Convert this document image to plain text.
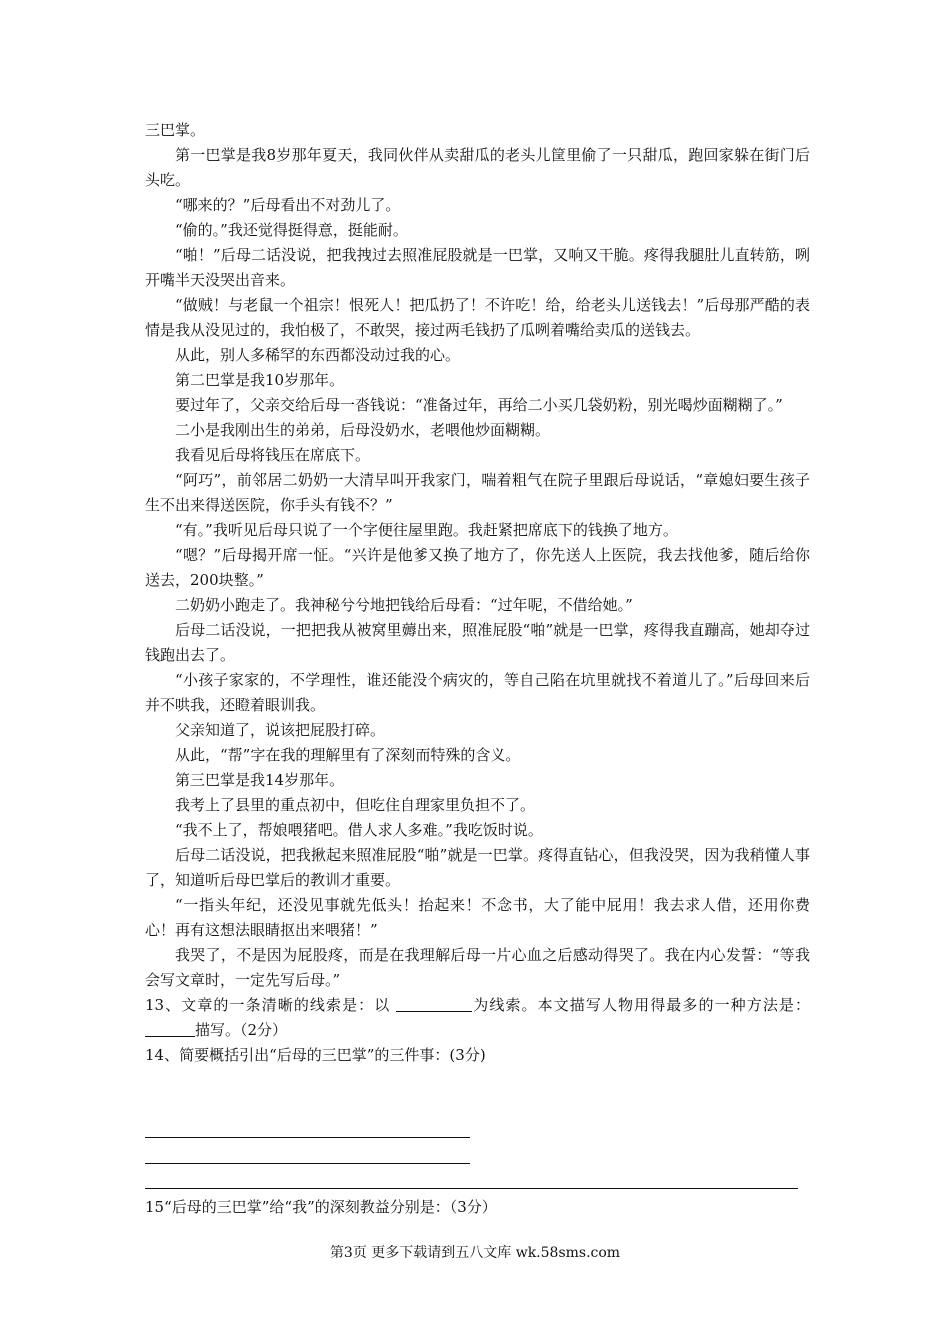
三巴掌。

第一巴掌是我8岁那年夏天，我同伙伴从卖甜瓜的老头儿筐里偷了一只甜瓜，跑回家躲在街门后头吃。

“哪来的？”后母看出不对劲儿了。

“偷的。”我还觉得挺得意，挺能耐。

“啪！”后母二话没说，把我拽过去照准屁股就是一巴掌，又响又干脆。疼得我腿肚儿直转筋，咧开嘴半天没哭出音来。

“做贼！与老鼠一个祖宗！恨死人！把瓜扔了！不许吃！给，给老头儿送钱去！”后母那严酷的表情是我从没见过的，我怕极了，不敢哭，接过两毛钱扔了瓜咧着嘴给卖瓜的送钱去。

从此，别人多稀罕的东西都没动过我的心。

第二巴掌是我10岁那年。

要过年了，父亲交给后母一沓钱说：“准备过年，再给二小买几袋奶粉，别光喝炒面糊糊了。”

二小是我刚出生的弟弟，后母没奶水，老喂他炒面糊糊。

我看见后母将钱压在席底下。

“阿巧”，前邻居二奶奶一大清早叫开我家门，喘着粗气在院子里跟后母说话，“章媳妇要生孩子生不出来得送医院，你手头有钱不？”

“有。”我听见后母只说了一个字便往屋里跑。我赶紧把席底下的钱换了地方。

“嗯？”后母揭开席一怔。“兴许是他爹又换了地方了，你先送人上医院，我去找他爹，随后给你送去，200块整。”

二奶奶小跑走了。我神秘兮兮地把钱给后母看：“过年呢，不借给她。”

后母二话没说，一把把我从被窝里薅出来，照准屁股“啪”就是一巴掌，疼得我直蹦高，她却夺过钱跑出去了。

“小孩子家家的，不学理性，谁还能没个病灾的，等自己陷在坑里就找不着道儿了。”后母回来后并不哄我，还瞪着眼训我。

父亲知道了，说该把屁股打碎。

从此，“帮”字在我的理解里有了深刻而特殊的含义。

第三巴掌是我14岁那年。

我考上了县里的重点初中，但吃住自理家里负担不了。

“我不上了，帮娘喂猪吧。借人求人多难。”我吃饭时说。

后母二话没说，把我揪起来照准屁股“啪”就是一巴掌。疼得直钻心，但我没哭，因为我稍懂人事了，知道听后母巴掌后的教训才重要。

“一指头年纪，还没见事就先低头！抬起来！不念书，大了能中屁用！我去求人借，还用你费心！再有这想法眼睛抠出来喂猪！”

我哭了，不是因为屁股疼，而是在我理解后母一片心血之后感动得哭了。我在内心发誓：“等我会写文章时，一定先写后母。”

13、文章的一条清晰的线索是：以	为线索。本文描写人物用得最多的一种方法是： 描写。（2分）

14、简要概括引出“后母的三巴掌”的三件事：(3分)

15“后母的三巴掌”给“我”的深刻教益分别是：（3分）
第3页 更多下载请到五八文库 wk.58sms.com
